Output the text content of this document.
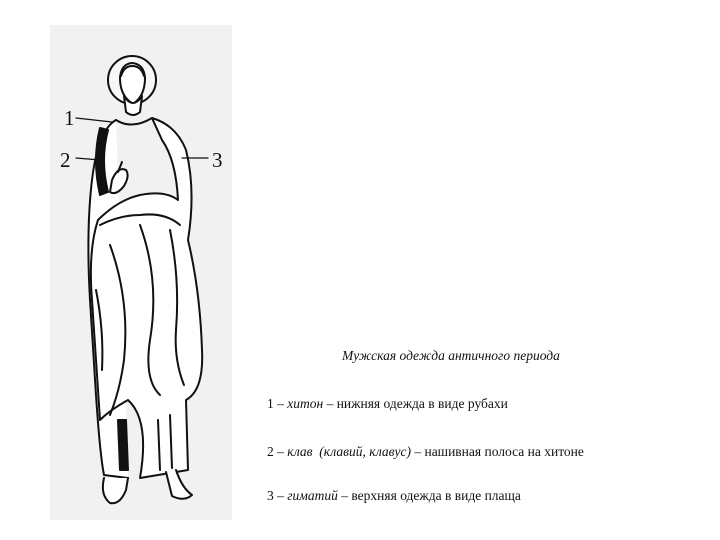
1
2	3
Мужская одежда античного периода
1 – хитон – нижняя одежда в виде рубахи
2 – клав  (клавий, клавус) – нашивная полоса на хитоне
3 – гиматий – верхняя одежда в виде плаща
